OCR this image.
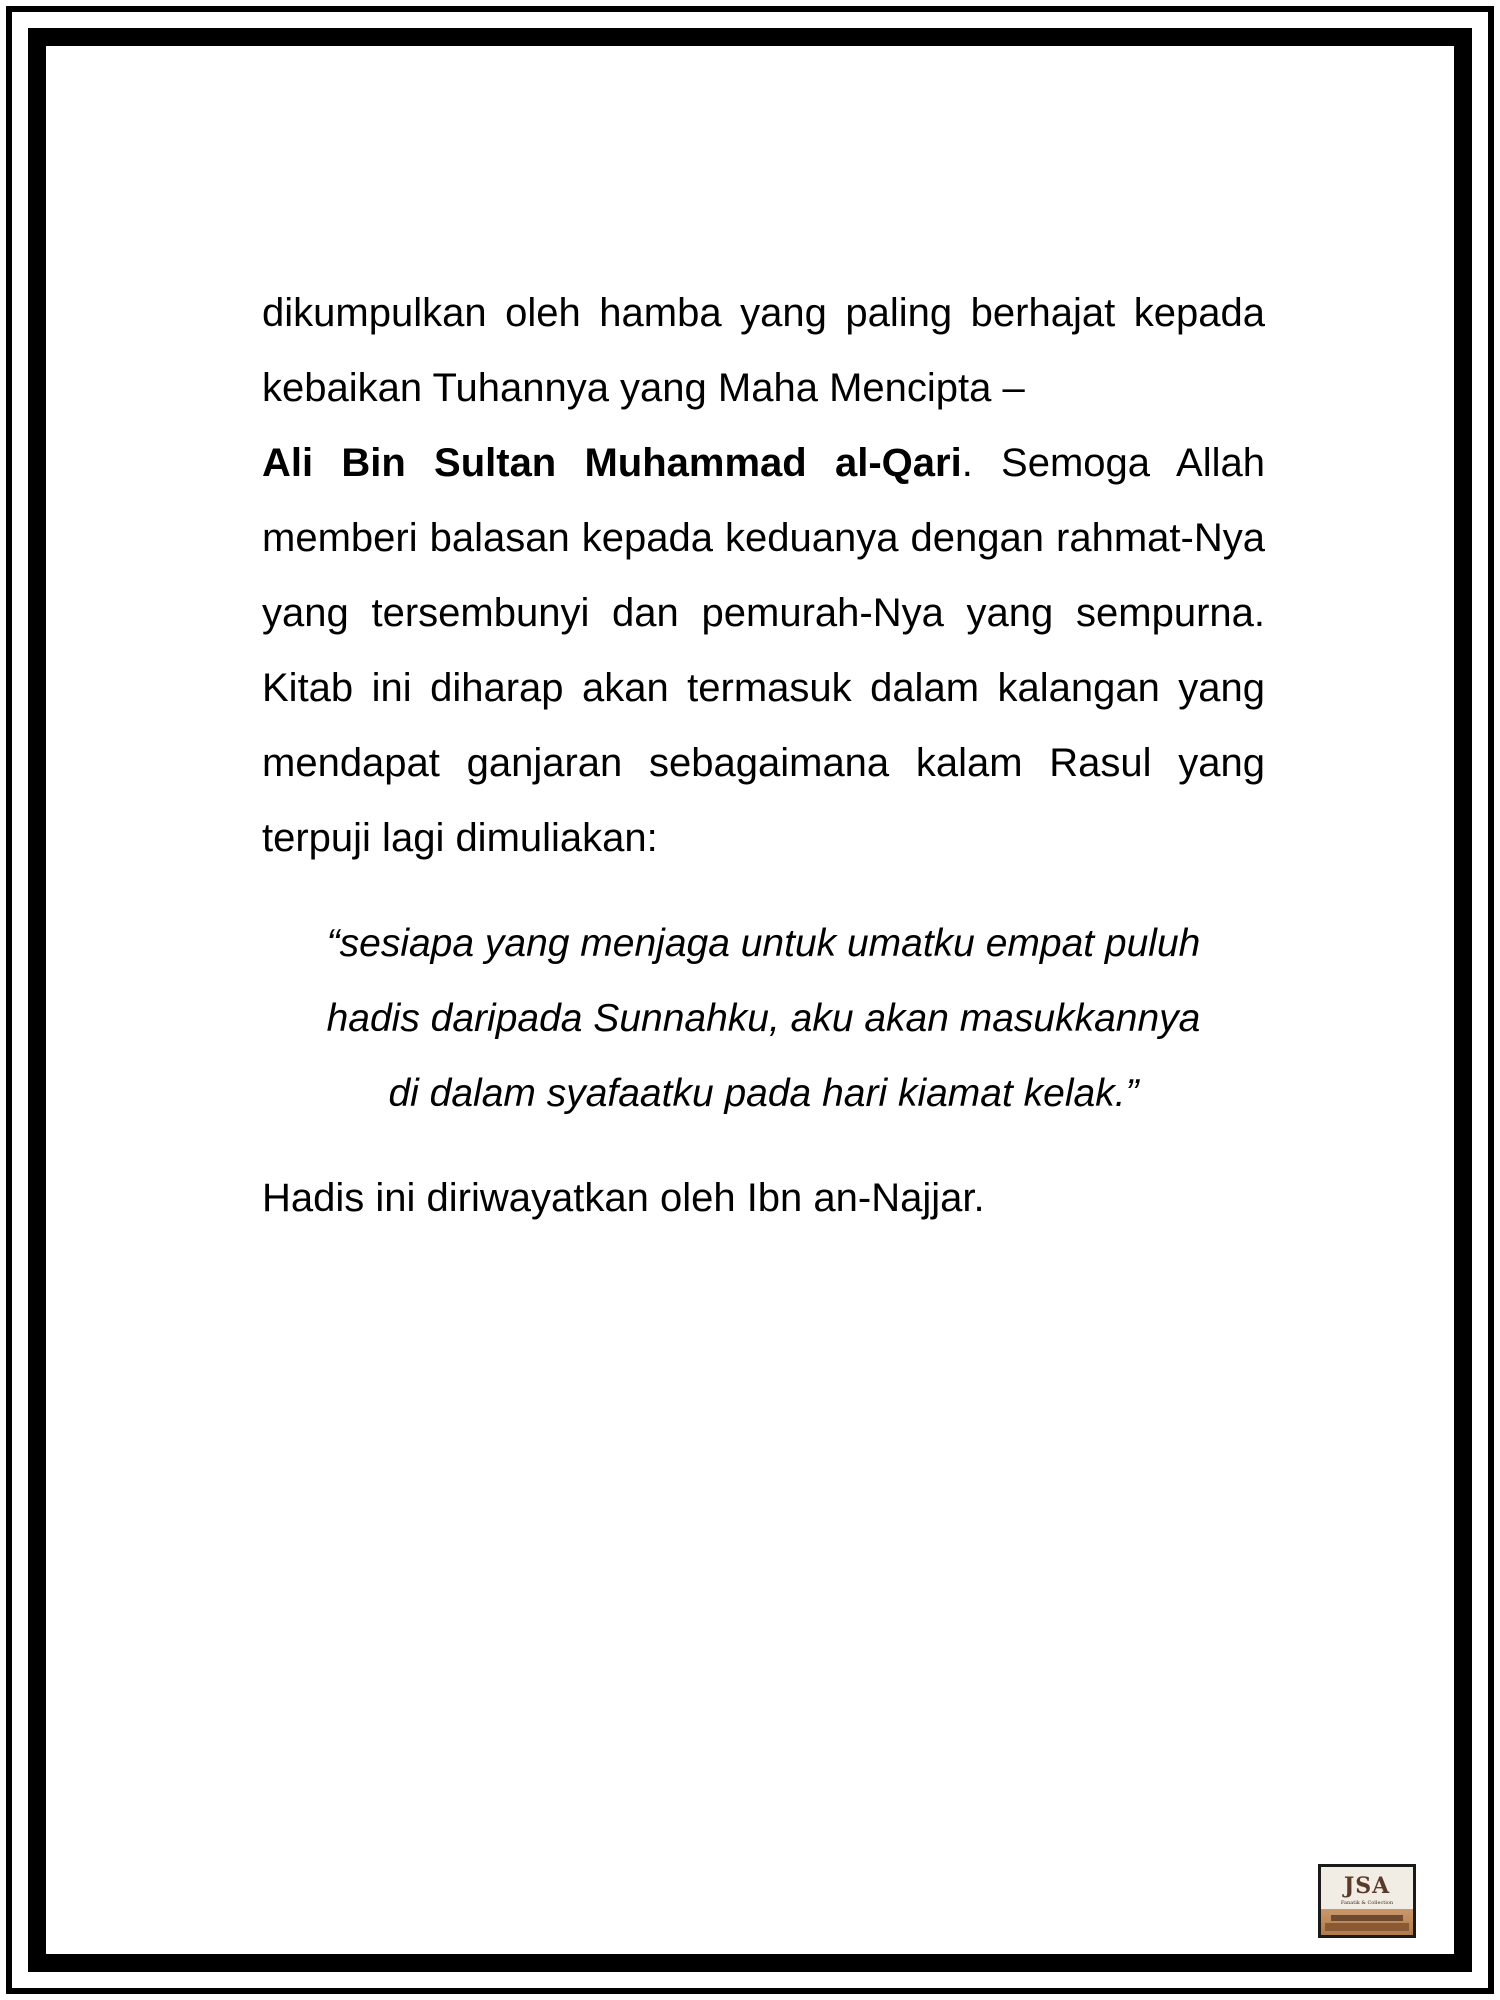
dikumpulkan oleh hamba yang paling berhajat kepada kebaikan Tuhannya yang Maha Mencipta –
Ali Bin Sultan Muhammad al-Qari. Semoga Allah memberi balasan kepada keduanya dengan rahmat-Nya yang tersembunyi dan pemurah-Nya yang sempurna. Kitab ini diharap akan termasuk dalam kalangan yang mendapat ganjaran sebagaimana kalam Rasul yang terpuji lagi dimuliakan:

“sesiapa yang menjaga untuk umatku empat puluh
hadis daripada Sunnahku, aku akan masukkannya
di dalam syafaatku pada hari kiamat kelak.”

Hadis ini diriwayatkan oleh Ibn an-Najjar.

JSA
Fanatik & Collection
